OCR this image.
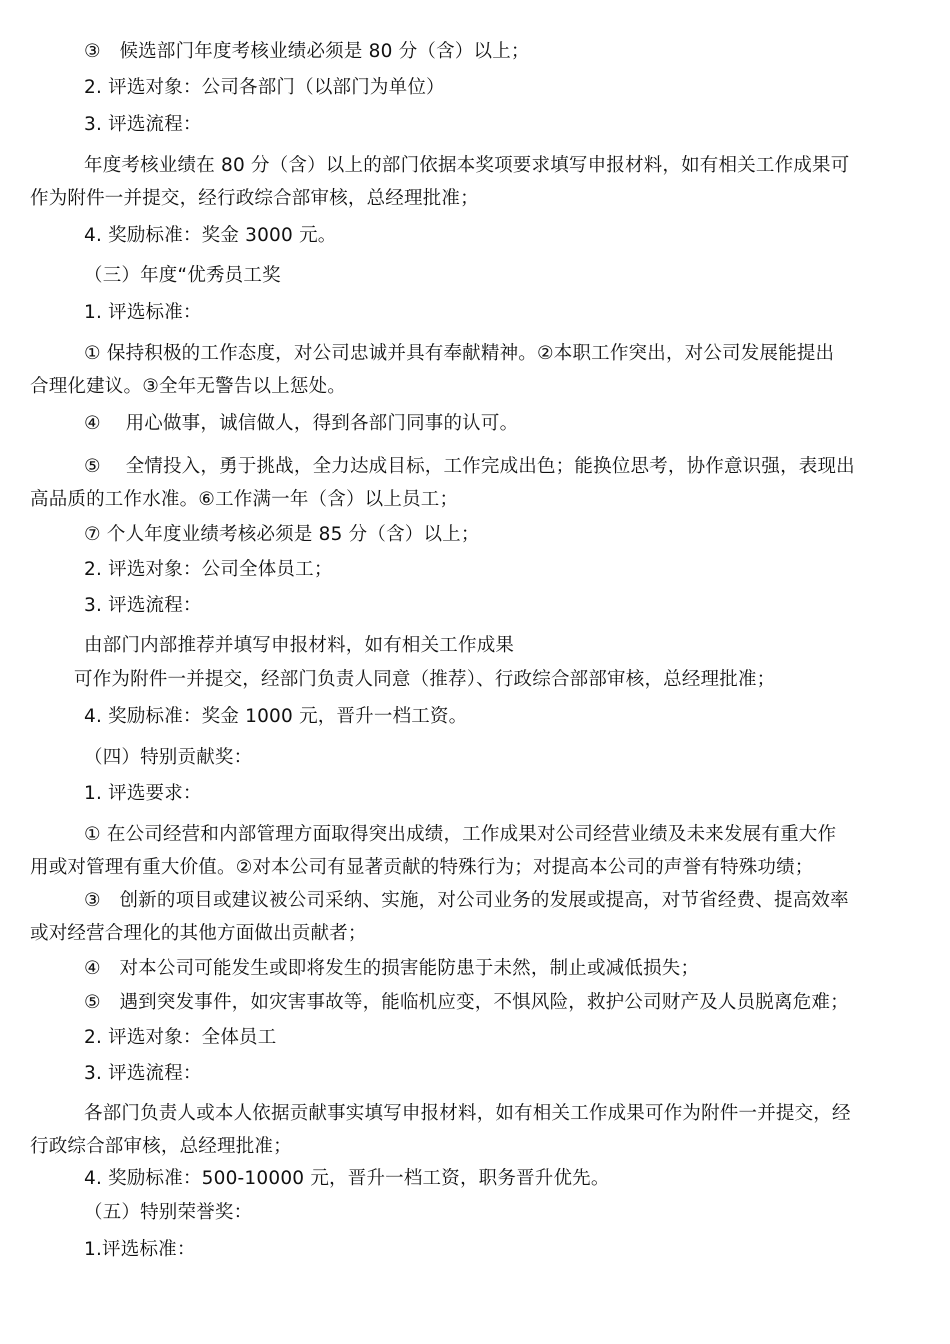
③　候选部门年度考核业绩必须是 80 分（含）以上；
2. 评选对象：公司各部门（以部门为单位）
3. 评选流程：
年度考核业绩在 80 分（含）以上的部门依据本奖项要求填写申报材料，如有相关工作成果可
作为附件一并提交，经行政综合部审核，总经理批准；
4. 奖励标准：奖金 3000 元。
（三）年度“优秀员工奖
1. 评选标准：
① 保持积极的工作态度，对公司忠诚并具有奉献精神。②本职工作突出，对公司发展能提出
合理化建议。③全年无警告以上惩处。
④　 用心做事，诚信做人，得到各部门同事的认可。
⑤　 全情投入，勇于挑战，全力达成目标，工作完成出色；能换位思考，协作意识强，表现出
高品质的工作水准。⑥工作满一年（含）以上员工；
⑦ 个人年度业绩考核必须是 85 分（含）以上；
2. 评选对象：公司全体员工；
3. 评选流程：
由部门内部推荐并填写申报材料，如有相关工作成果
可作为附件一并提交，经部门负责人同意（推荐）、行政综合部部审核，总经理批准；
4. 奖励标准：奖金 1000 元，晋升一档工资。
（四）特别贡献奖：
1. 评选要求：
① 在公司经营和内部管理方面取得突出成绩，工作成果对公司经营业绩及未来发展有重大作
用或对管理有重大价值。②对本公司有显著贡献的特殊行为；对提高本公司的声誉有特殊功绩；
③　创新的项目或建议被公司采纳、实施，对公司业务的发展或提高，对节省经费、提高效率
或对经营合理化的其他方面做出贡献者；
④　对本公司可能发生或即将发生的损害能防患于未然，制止或减低损失；
⑤　遇到突发事件，如灾害事故等，能临机应变，不惧风险，救护公司财产及人员脱离危难；
2. 评选对象：全体员工
3. 评选流程：
各部门负责人或本人依据贡献事实填写申报材料，如有相关工作成果可作为附件一并提交，经
行政综合部审核，总经理批准；
4. 奖励标准：500-10000 元，晋升一档工资，职务晋升优先。
（五）特别荣誉奖：
1.评选标准：
